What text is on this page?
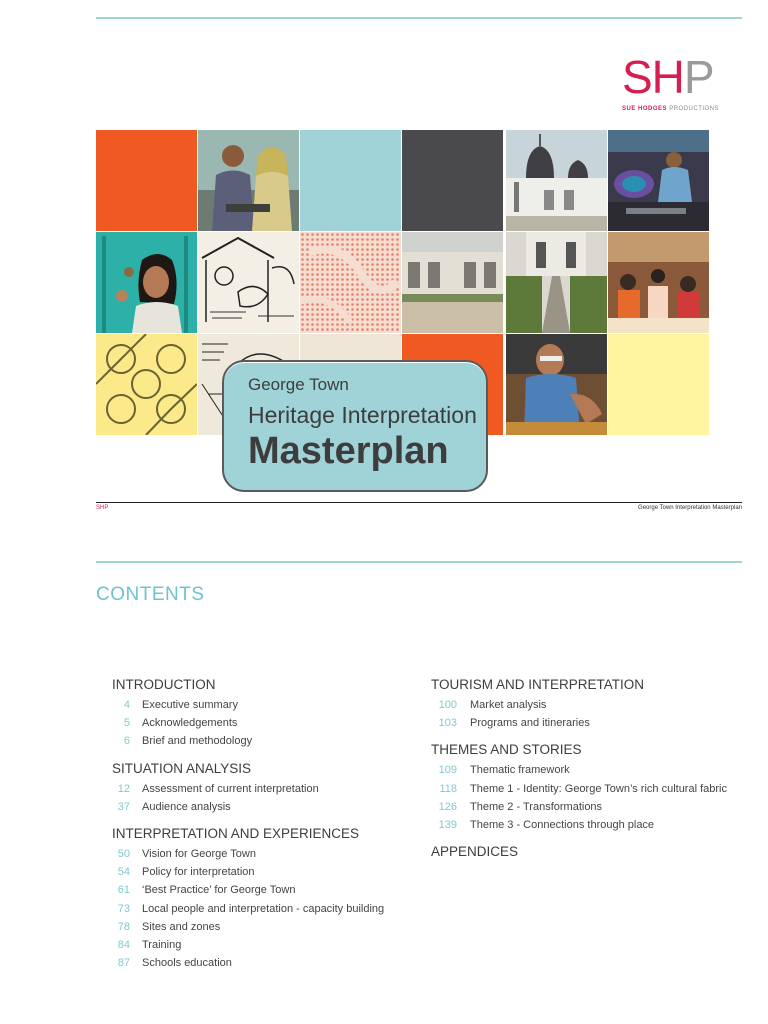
SHP
SUE HODGES PRODUCTIONS
George Town
Heritage Interpretation
Masterplan
SHP	George Town Interpretation Masterplan
CONTENTS
INTRODUCTION
4 Executive summary
5 Acknowledgements
6 Brief and methodology
SITUATION ANALYSIS
12 Assessment of current interpretation
37 Audience analysis
INTERPRETATION AND EXPERIENCES
50 Vision for George Town
54 Policy for interpretation
61 ‘Best Practice’ for George Town
73 Local people and interpretation - capacity building
78 Sites and zones
84 Training
87 Schools education
TOURISM AND INTERPRETATION
100 Market analysis
103 Programs and itineraries
THEMES AND STORIES
109 Thematic framework
118 Theme 1 - Identity: George Town’s rich cultural fabric
126 Theme 2 - Transformations
139 Theme 3 - Connections through place
APPENDICES
